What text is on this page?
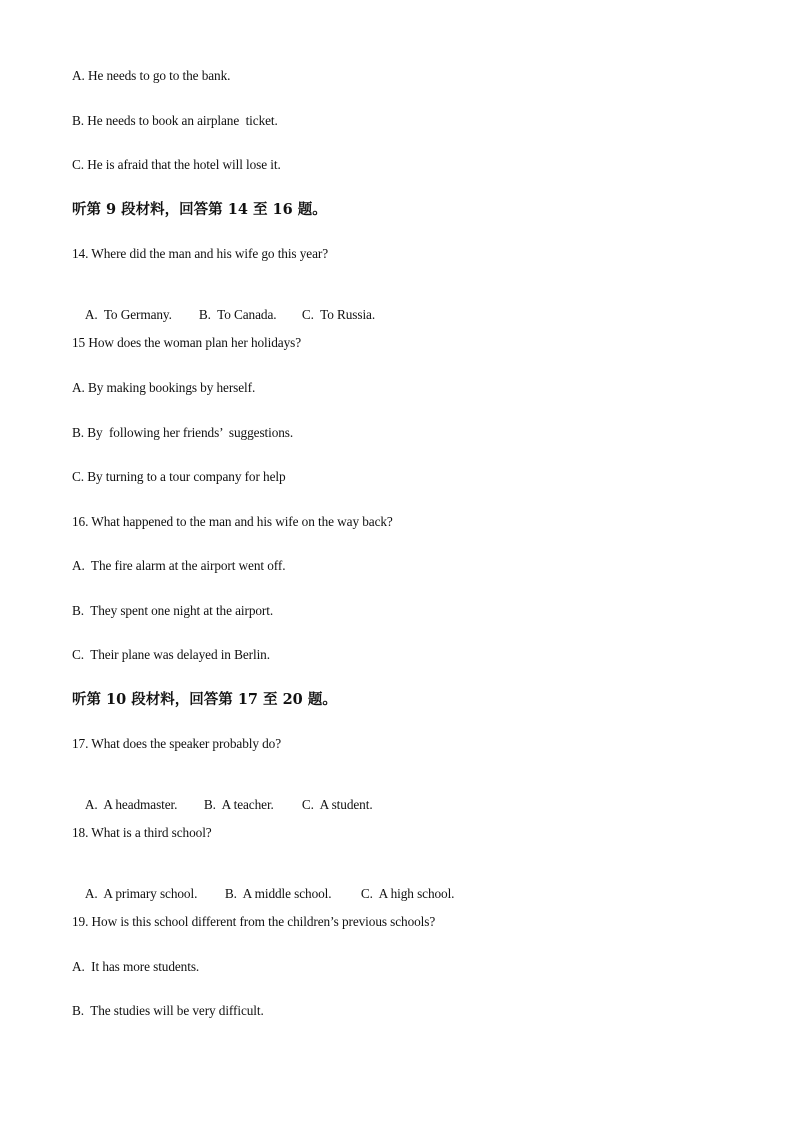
A. He needs to go to the bank.
B. He needs to book an airplane  ticket.
C. He is afraid that the hotel will lose it.
听第 9 段材料，回答第 14 至 16 题。
14. Where did the man and his wife go this year?

A.  To Germany. B.  To Canada. C.  To Russia.

15 How does the woman plan her holidays?
A. By making bookings by herself.
B. By  following her friends’  suggestions.
C. By turning to a tour company for help
16. What happened to the man and his wife on the way back?
A.  The fire alarm at the airport went off.
B.  They spent one night at the airport.
C.  Their plane was delayed in Berlin.
听第 10 段材料，回答第 17 至 20 题。
17. What does the speaker probably do?

A.  A headmaster. B.  A teacher. C.  A student.

18. What is a third school?

A.  A primary school. B.  A middle school. C.  A high school.

19. How is this school different from the children’s previous schools?
A.  It has more students.
B.  The studies will be very difficult.
